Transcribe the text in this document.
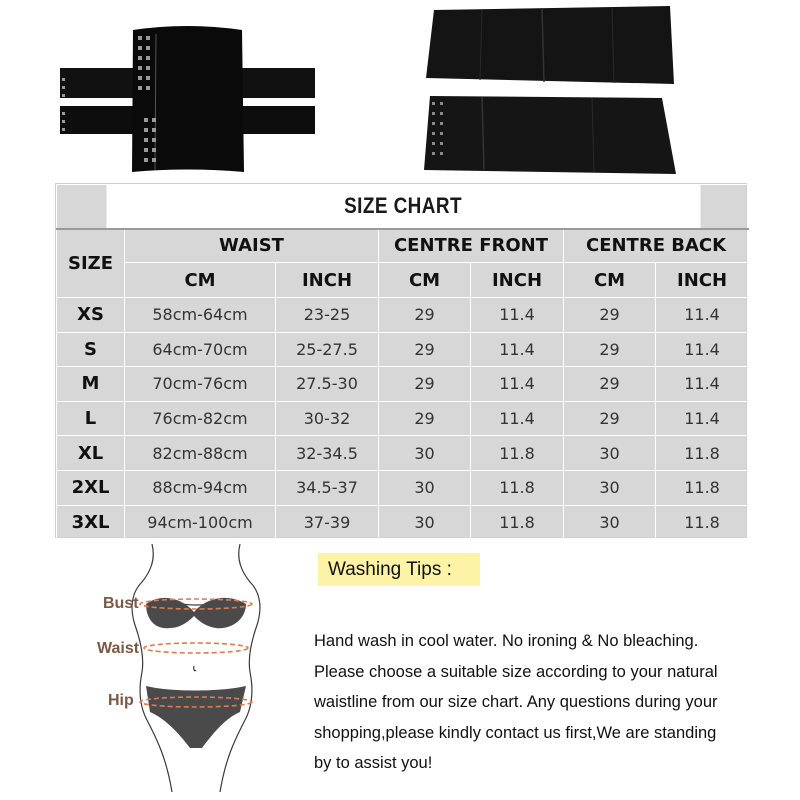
SIZE CHART						
SIZE	WAIST		CENTRE FRONT		CENTRE BACK	
	CM	INCH	CM	INCH	CM	INCH
XS	58cm-64cm	23-25	29	11.4	29	11.4
S	64cm-70cm	25-27.5	29	11.4	29	11.4
M	70cm-76cm	27.5-30	29	11.4	29	11.4
L	76cm-82cm	30-32	29	11.4	29	11.4
XL	82cm-88cm	32-34.5	30	11.8	30	11.8
2XL	88cm-94cm	34.5-37	30	11.8	30	11.8
3XL	94cm-100cm	37-39	30	11.8	30	11.8
Bust
Waist
Hip
Washing Tips :
Hand wash in cool water. No ironing & No bleaching.
Please choose a suitable size according to your natural
waistline from our size chart. Any questions during your
shopping,please kindly contact us first,We are standing
by to assist you!
